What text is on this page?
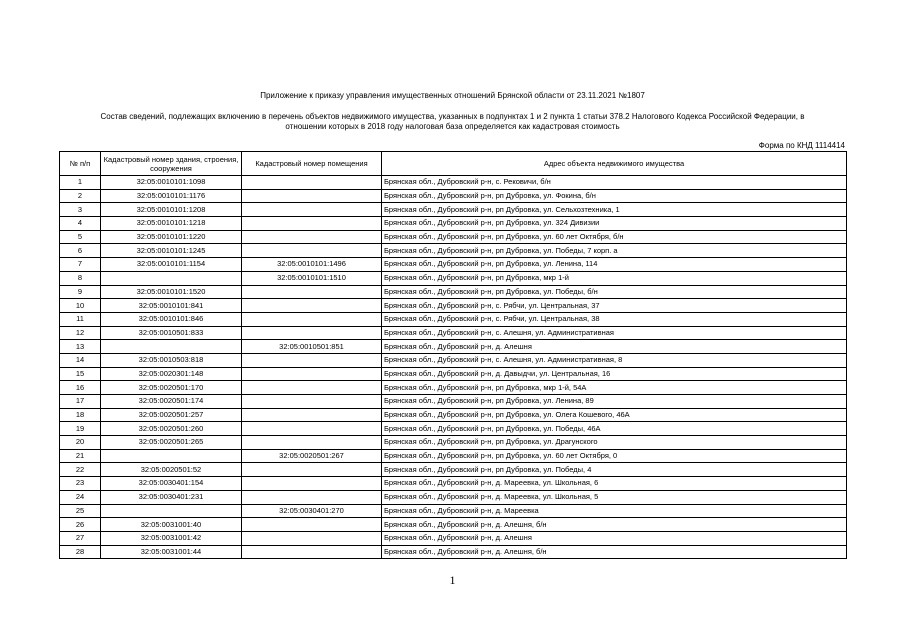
Приложение к приказу управления имущественных отношений Брянской области от 23.11.2021 №1807
Состав сведений, подлежащих включению в перечень объектов недвижимого имущества, указанных в подпунктах 1 и 2 пункта 1 статьи 378.2 Налогового Кодекса Российской Федерации, в
отношении которых в 2018 году налоговая база определяется как кадастровая стоимость
Форма по КНД 1114414
№ п/п	Кадастровый номер здания, строения, сооружения	Кадастровый номер помещения	Адрес объекта недвижимого имущества
1	32:05:0010101:1098		Брянская обл., Дубровский р-н, с. Рековичи, б/н
2	32:05:0010101:1176		Брянская обл., Дубровский р-н, рп Дубровка, ул. Фокина, б/н
3	32:05:0010101:1208		Брянская обл., Дубровский р-н, рп Дубровка, ул. Сельхозтехника, 1
4	32:05:0010101:1218		Брянская обл., Дубровский р-н, рп Дубровка, ул. 324 Дивизии
5	32:05:0010101:1220		Брянская обл., Дубровский р-н, рп Дубровка, ул. 60 лет Октября, б/н
6	32:05:0010101:1245		Брянская обл., Дубровский р-н, рп Дубровка, ул. Победы, 7 корп. а
7	32:05:0010101:1154	32:05:0010101:1496	Брянская обл., Дубровский р-н, рп Дубровка, ул. Ленина, 114
8		32:05:0010101:1510	Брянская обл., Дубровский р-н, рп Дубровка, мкр 1-й
9	32:05:0010101:1520		Брянская обл., Дубровский р-н, рп Дубровка, ул. Победы, б/н
10	32:05:0010101:841		Брянская обл., Дубровский р-н, с. Рябчи, ул. Центральная, 37
11	32:05:0010101:846		Брянская обл., Дубровский р-н, с. Рябчи, ул. Центральная, 38
12	32:05:0010501:833		Брянская обл., Дубровский р-н, с. Алешня, ул. Административная
13		32:05:0010501:851	Брянская обл., Дубровский р-н, д. Алешня
14	32:05:0010503:818		Брянская обл., Дубровский р-н, с. Алешня, ул. Административная, 8
15	32:05:0020301:148		Брянская обл., Дубровский р-н, д. Давыдчи, ул. Центральная, 16
16	32:05:0020501:170		Брянская обл., Дубровский р-н, рп Дубровка, мкр 1-й, 54А
17	32:05:0020501:174		Брянская обл., Дубровский р-н, рп Дубровка, ул. Ленина, 89
18	32:05:0020501:257		Брянская обл., Дубровский р-н, рп Дубровка, ул. Олега Кошевого, 46А
19	32:05:0020501:260		Брянская обл., Дубровский р-н, рп Дубровка, ул. Победы, 46А
20	32:05:0020501:265		Брянская обл., Дубровский р-н, рп Дубровка, ул. Драгунского
21		32:05:0020501:267	Брянская обл., Дубровский р-н, рп Дубровка, ул. 60 лет Октября, 0
22	32:05:0020501:52		Брянская обл., Дубровский р-н, рп Дубровка, ул. Победы, 4
23	32:05:0030401:154		Брянская обл., Дубровский р-н, д. Мареевка, ул. Школьная, 6
24	32:05:0030401:231		Брянская обл., Дубровский р-н, д. Мареевка, ул. Школьная, 5
25		32:05:0030401:270	Брянская обл., Дубровский р-н, д. Мареевка
26	32:05:0031001:40		Брянская обл., Дубровский р-н, д. Алешня, б/н
27	32:05:0031001:42		Брянская обл., Дубровский р-н, д. Алешня
28	32:05:0031001:44		Брянская обл., Дубровский р-н, д. Алешня, б/н
1
